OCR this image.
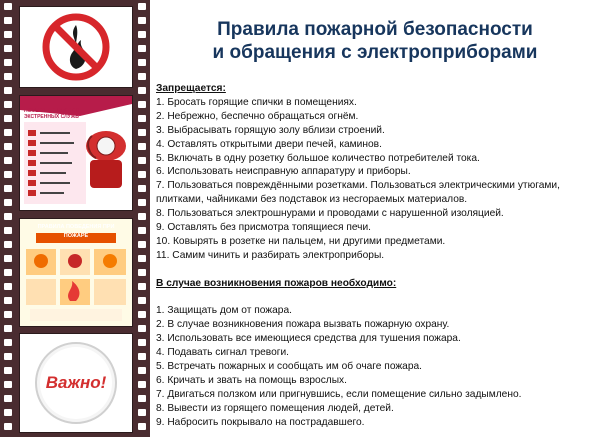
НОМЕРА ТЕЛЕФОНОВ ЭКСТРЕННЫХ СЛУЖБ
ПРАВИЛА ПОВЕДЕНИЯ ПРИ ПОЖАРЕ
Важно!
Правила пожарной безопасности
и обращения с электроприборами
Запрещается:
1. Бросать горящие спички в помещениях.
2. Небрежно, беспечно обращаться огнём.
3. Выбрасывать горящую золу вблизи строений.
4. Оставлять открытыми двери печей, каминов.
5. Включать в одну розетку большое количество потребителей тока.
6. Использовать неисправную аппаратуру и приборы.
7. Пользоваться повреждёнными розетками. Пользоваться электрическими утюгами, плитками, чайниками без подставок из несгораемых материалов.
8. Пользоваться электрошнурами и проводами с нарушенной изоляцией.
9. Оставлять без присмотра топящиеся печи.
10. Ковырять в розетке ни пальцем, ни другими предметами.
11. Самим чинить и разбирать электроприборы.
В случае возникновения пожаров необходимо:
1. Защищать дом от пожара.
2. В случае возникновения пожара вызвать пожарную охрану.
3. Использовать все имеющиеся средства для тушения пожара.
4. Подавать сигнал тревоги.
5. Встречать пожарных и сообщать им об очаге пожара.
6. Кричать и звать на помощь взрослых.
7. Двигаться ползком или пригнувшись, если помещение сильно задымлено.
8. Вывести из горящего помещения людей, детей.
9. Набросить покрывало на пострадавшего.
